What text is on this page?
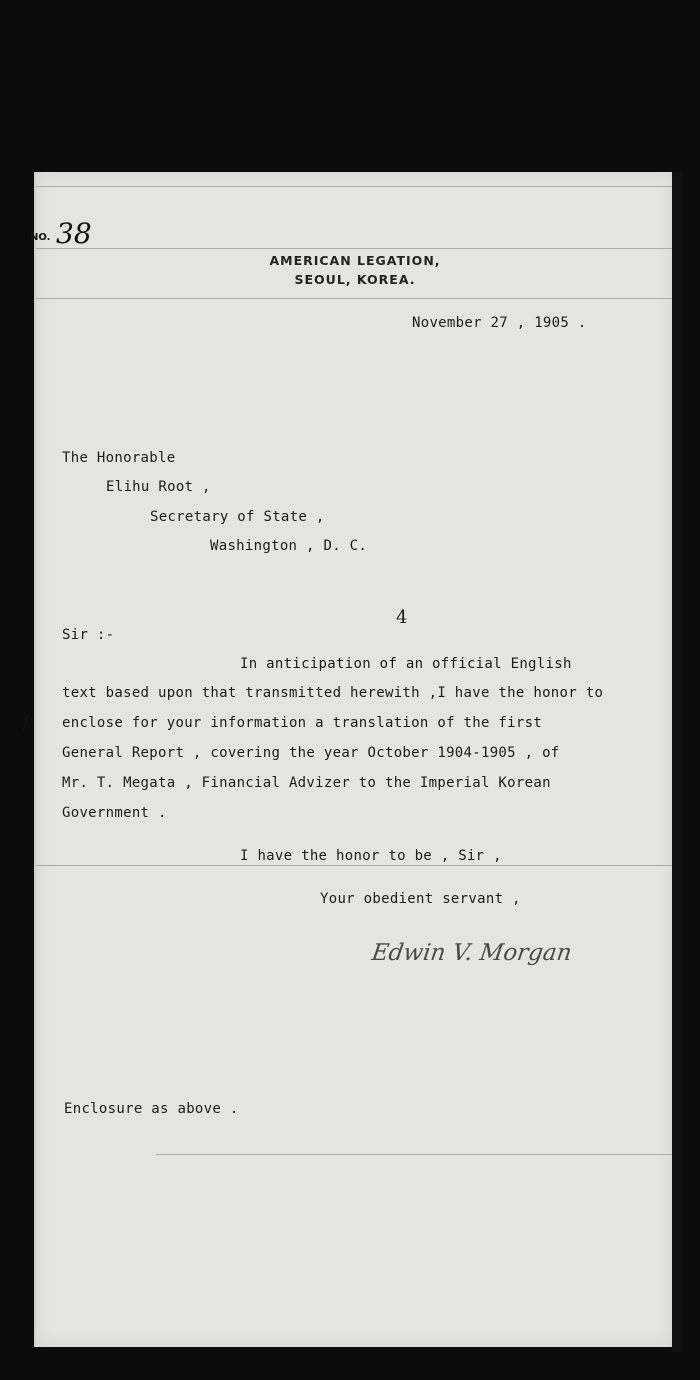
AMERICAN LEGATION,
SEOUL, KOREA.
November 27 , 1905 .
The Honorable
Elihu Root ,
Secretary of State ,
Washington , D. C.
4
Sir :-
In anticipation of an official English
text based upon that transmitted herewith ,I have the honor to
enclose for your information a translation of the first
General Report , covering the year October 1904-1905 , of
Mr. T. Megata , Financial Advizer to the Imperial Korean
Government .
I have the honor to be , Sir ,
Your obedient servant ,
Enclosure as above .
NO. 38
/
Edwin V. Morgan
